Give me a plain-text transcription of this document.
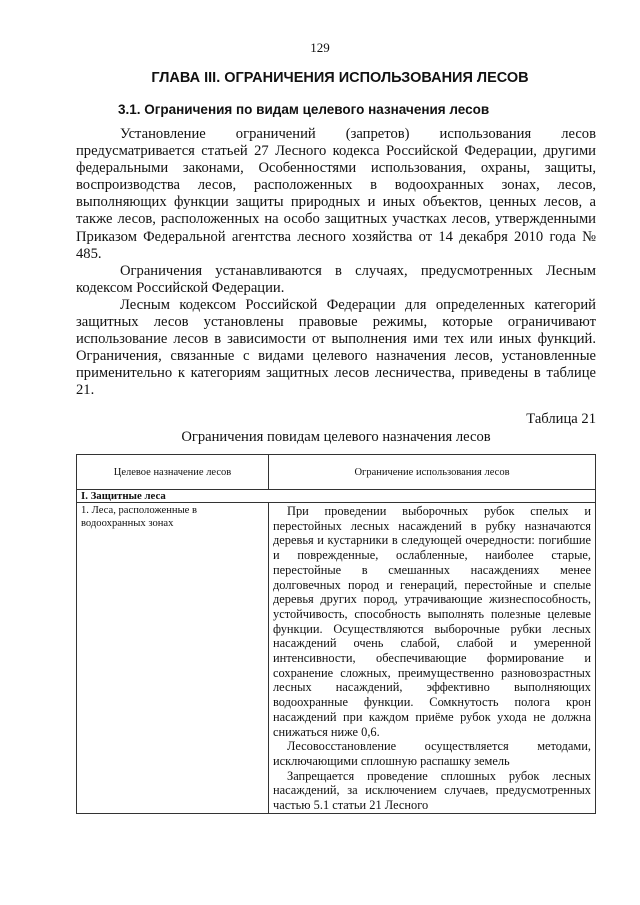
129
ГЛАВА III. ОГРАНИЧЕНИЯ ИСПОЛЬЗОВАНИЯ ЛЕСОВ
3.1. Ограничения по видам целевого назначения лесов

Установление ограничений (запретов) использования лесов предусматривается статьей 27 Лесного кодекса Российской Федерации, другими федеральными законами, Особенностями использования, охраны, защиты, воспроизводства лесов, расположенных в водоохранных зонах, лесов, выполняющих функции защиты природных и иных объектов, ценных лесов, а также лесов, расположенных на особо защитных участках лесов, утвержденными Приказом Федеральной агентства лесного хозяйства от 14 декабря 2010 года № 485.

Ограничения устанавливаются в случаях, предусмотренных Лесным кодексом Российской Федерации.

Лесным кодексом Российской Федерации для определенных категорий защитных лесов установлены правовые режимы, которые ограничивают использование лесов в зависимости от выполнения ими тех или иных функций. Ограничения, связанные с видами целевого назначения лесов, установленные применительно к категориям защитных лесов лесничества, приведены в таблице 21.

Таблица 21
Ограничения повидам целевого назначения лесов
Целевое назначение лесов	Ограничение использования лесов
I. Защитные леса	
1. Леса, расположенные в водоохранных зонах	При проведении выборочных рубок спелых и перестойных лесных насаждений в рубку назначаются деревья и кустарники в следующей очередности: погибшие и поврежденные, ослабленные, наиболее старые, перестойные в смешанных насаждениях менее долговечных пород и генераций, перестойные и спелые деревья других пород, утрачивающие жизнеспособность, устойчивость, способность выполнять полезные целевые функции. Осуществляются выборочные рубки лесных насаждений очень слабой, слабой и умеренной интенсивности, обеспечивающие формирование и сохранение сложных, преимущественно разновозрастных лесных насаждений, эффективно выполняющих водоохранные функции. Сомкнутость полога крон насаждений при каждом приёме рубок ухода не должна снижаться ниже 0,6.

Лесовосстановление осуществляется методами, исключающими сплошную распашку земель

Запрещается проведение сплошных рубок лесных насаждений, за исключением случаев, предусмотренных частью 5.1 статьи 21 Лесного
